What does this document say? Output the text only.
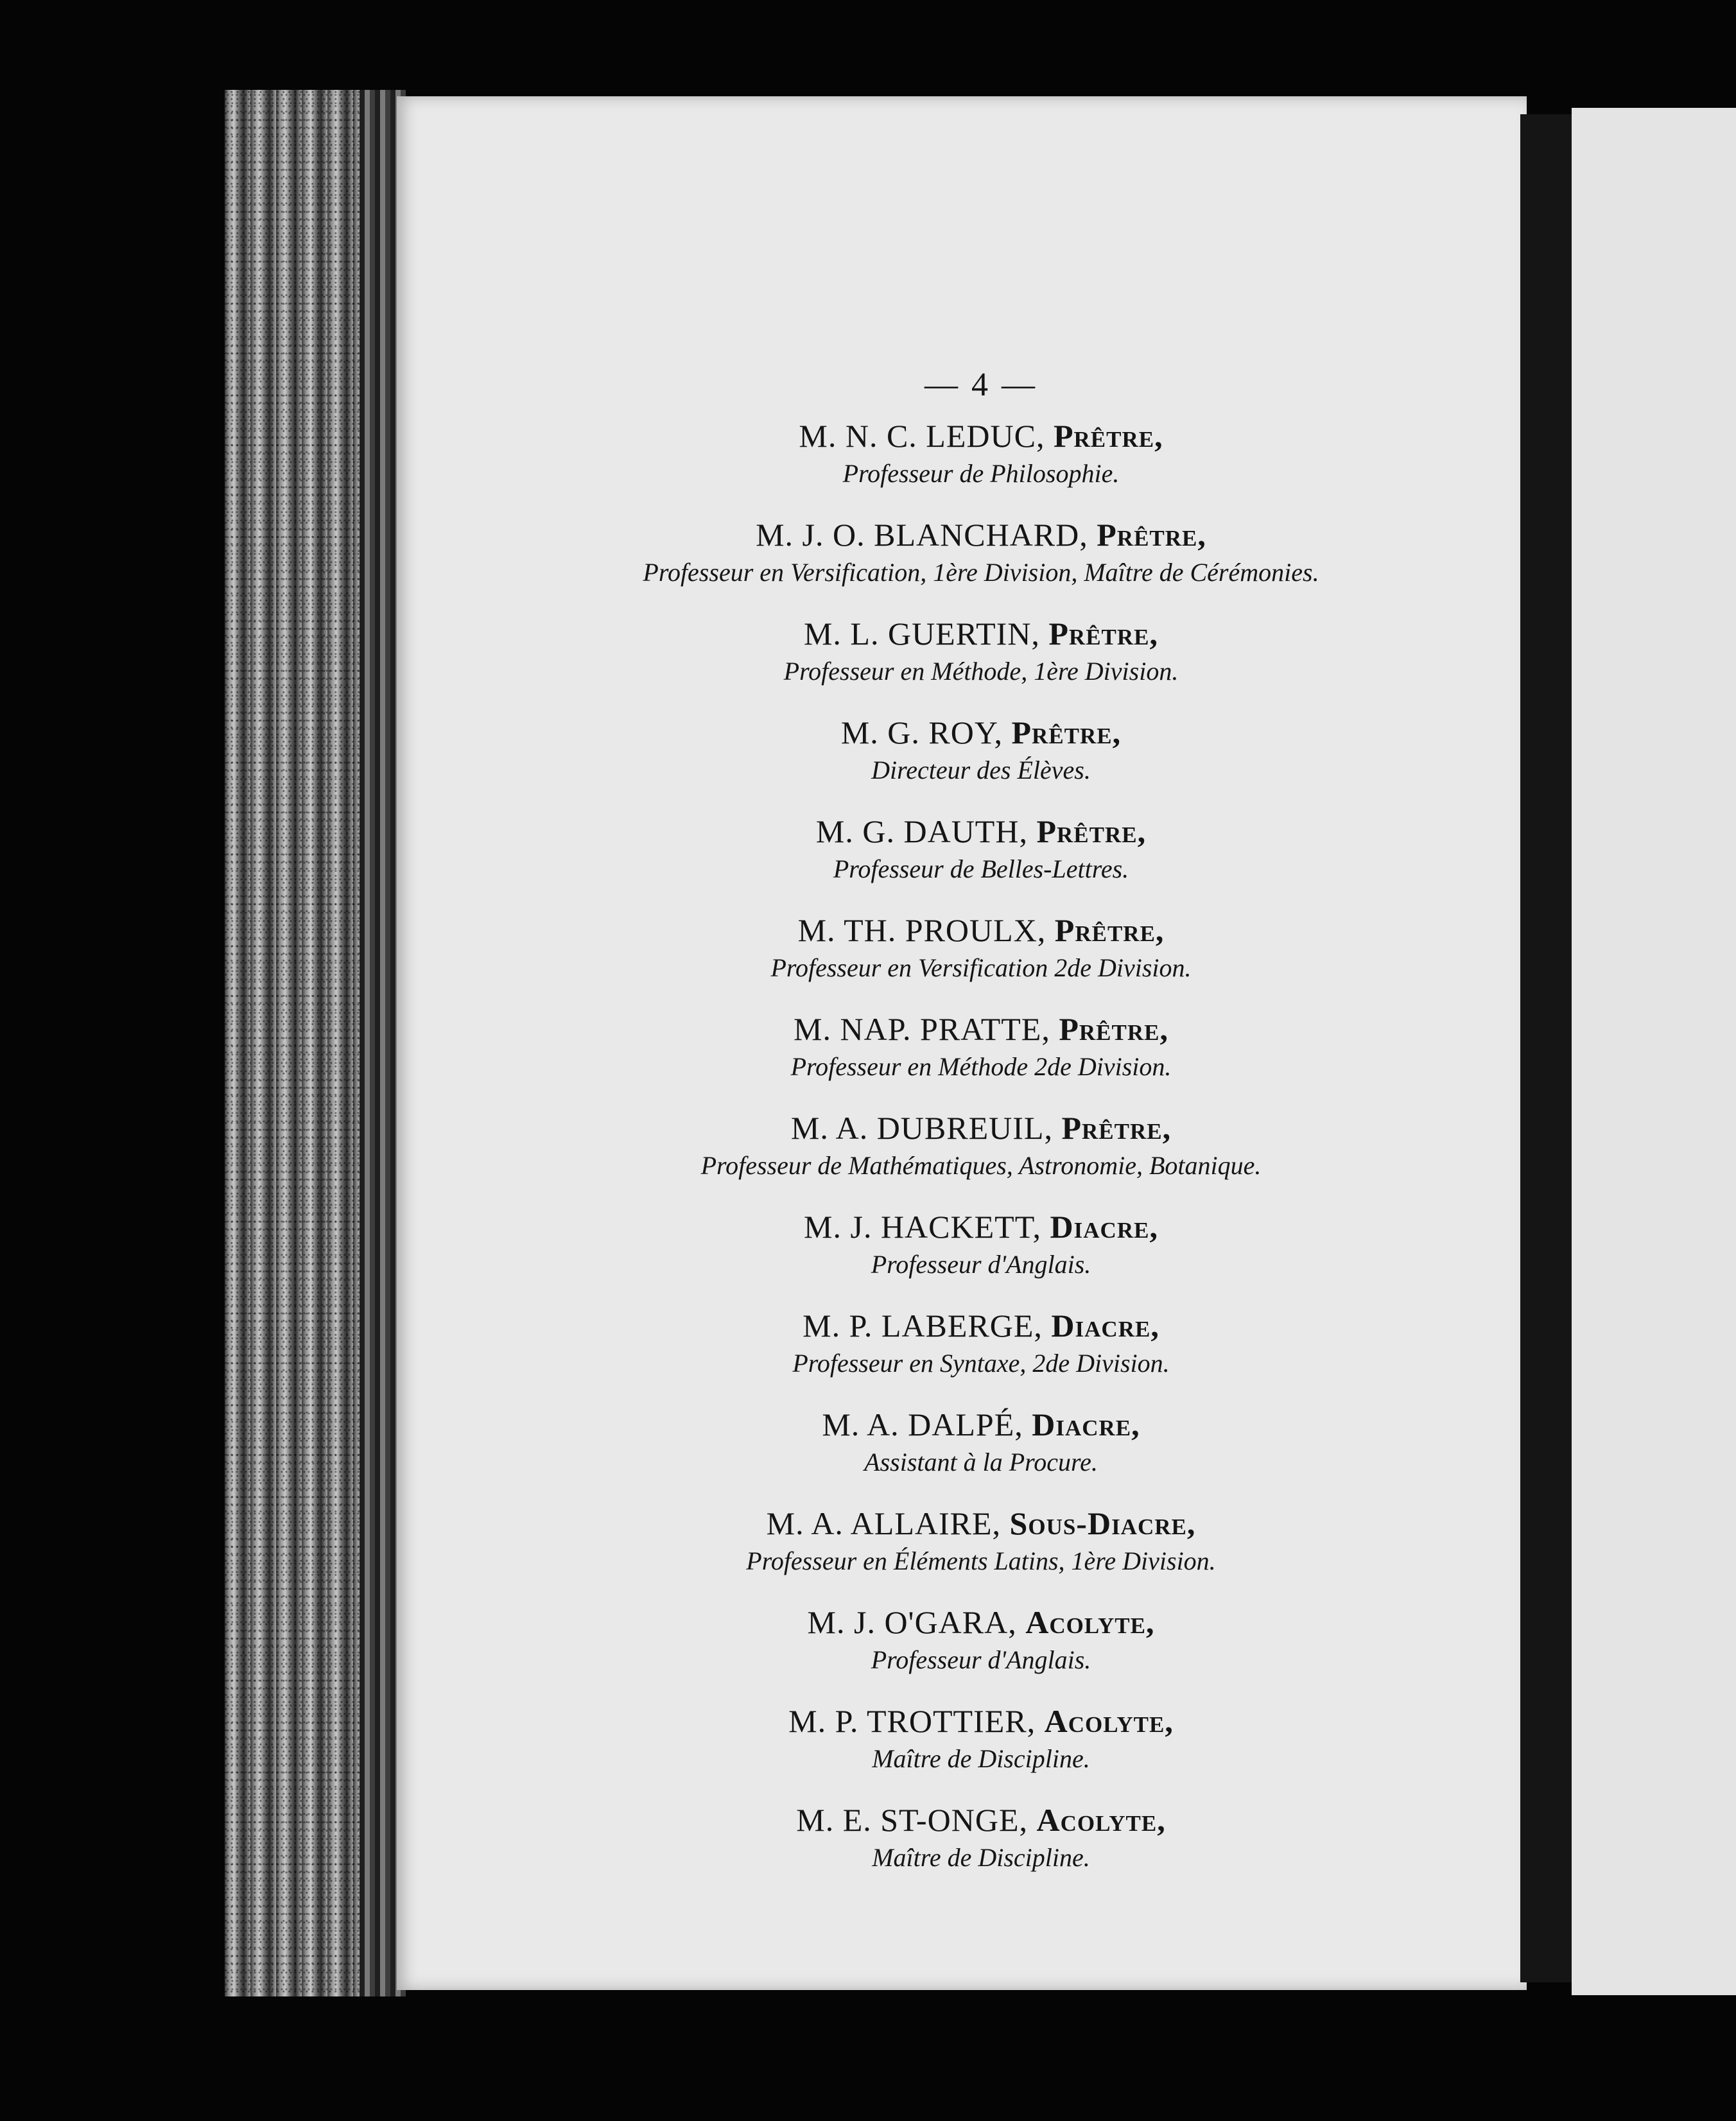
— 4 —
M. N. C. LEDUC, Prêtre,
Professeur de Philosophie.
M. J. O. BLANCHARD, Prêtre,
Professeur en Versification, 1ère Division, Maître de Cérémonies.
M. L. GUERTIN, Prêtre,
Professeur en Méthode, 1ère Division.
M. G. ROY, Prêtre,
Directeur des Élèves.
M. G. DAUTH, Prêtre,
Professeur de Belles-Lettres.
M. TH. PROULX, Prêtre,
Professeur en Versification 2de Division.
M. NAP. PRATTE, Prêtre,
Professeur en Méthode 2de Division.
M. A. DUBREUIL, Prêtre,
Professeur de Mathématiques, Astronomie, Botanique.
M. J. HACKETT, Diacre,
Professeur d'Anglais.
M. P. LABERGE, Diacre,
Professeur en Syntaxe, 2de Division.
M. A. DALPÉ, Diacre,
Assistant à la Procure.
M. A. ALLAIRE, Sous-Diacre,
Professeur en Éléments Latins, 1ère Division.
M. J. O'GARA, Acolyte,
Professeur d'Anglais.
M. P. TROTTIER, Acolyte,
Maître de Discipline.
M. E. ST-ONGE, Acolyte,
Maître de Discipline.
